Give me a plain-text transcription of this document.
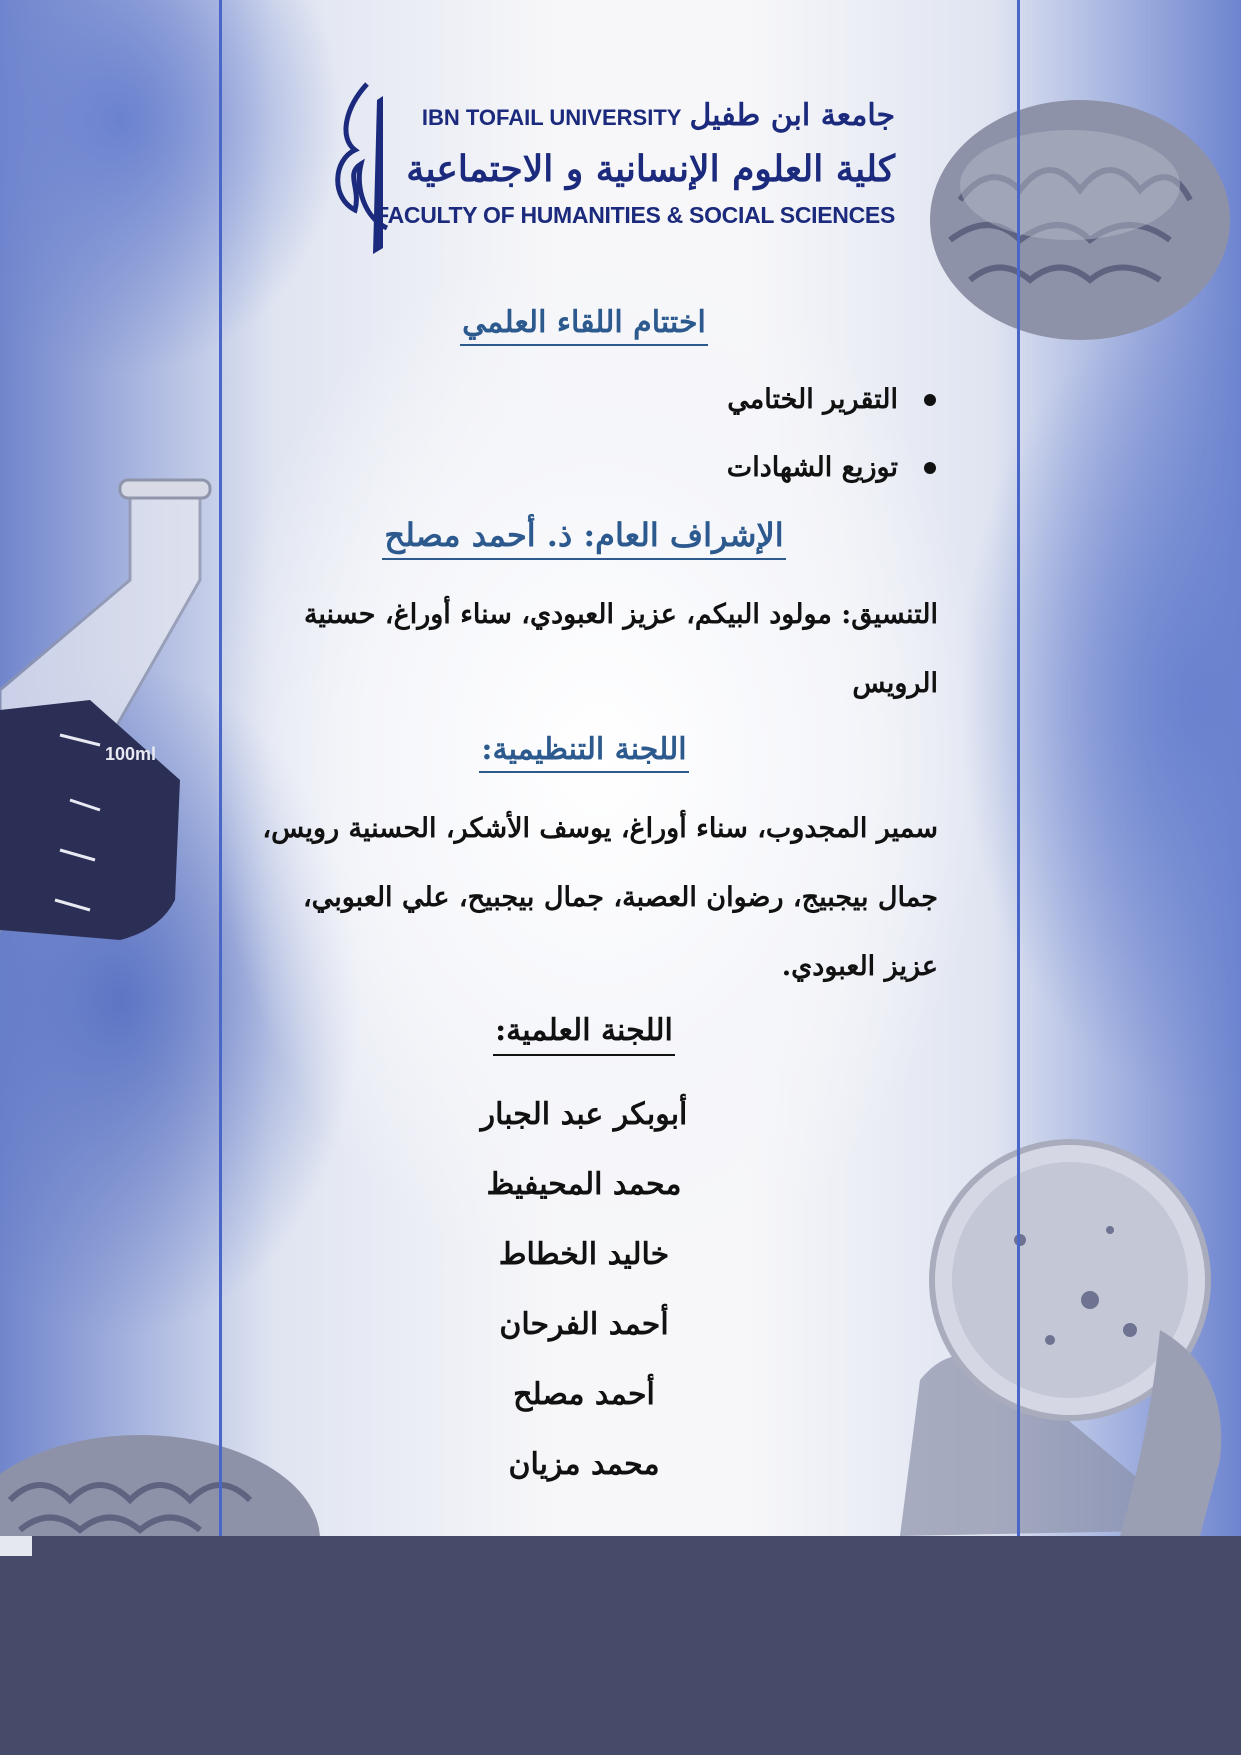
100ml
IBN TOFAIL UNIVERSITY جامعة ابن طفيل
كلية العلوم الإنسانية و الاجتماعية
FACULTY OF HUMANITIES & SOCIAL SCIENCES
اختتام اللقاء العلمي
التقرير الختامي
توزيع الشهادات
الإشراف العام: ذ. أحمد مصلح
التنسيق: مولود البيكم، عزيز العبودي، سناء أوراغ، حسنية
الرويس
اللجنة التنظيمية:
سمير المجدوب، سناء أوراغ، يوسف الأشكر، الحسنية رويس،
جمال بيجبيج، رضوان العصبة، جمال بيجبيح، علي العبوبي،
عزيز العبودي.
اللجنة العلمية:
أبوبكر عبد الجبار
محمد المحيفيظ
خاليد الخطاط
أحمد الفرحان
أحمد مصلح
محمد مزيان
